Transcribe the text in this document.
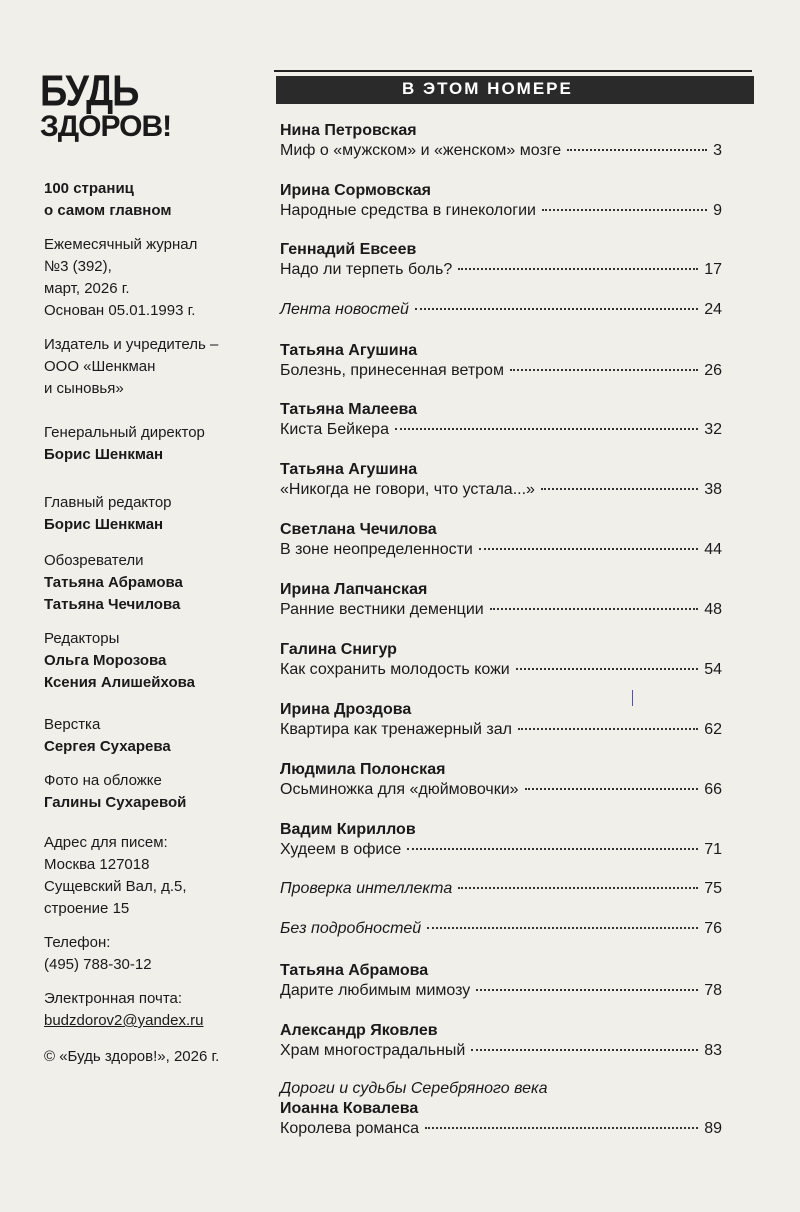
БУДЬ
ЗДОРОВ!
100 страниц
о самом главном
Ежемесячный журнал
№3 (392),
март, 2026 г.
Основан 05.01.1993 г.
Издатель и учредитель –
ООО «Шенкман
и сыновья»
Генеральный директор
Борис Шенкман
Главный редактор
Борис Шенкман
Обозреватели
Татьяна Абрамова
Татьяна Чечилова
Редакторы
Ольга Морозова
Ксения Алишейхова
Верстка
Сергея Сухарева
Фото на обложке
Галины Сухаревой
Адрес для писем:
Москва 127018
Сущевский Вал, д.5,
строение 15
Телефон:
(495) 788-30-12
Электронная почта:
budzdorov2@yandex.ru
© «Будь здоров!», 2026 г.
В ЭТОМ НОМЕРЕ
Нина Петровская
Миф о «мужском» и «женском» мозге	3
Ирина Сормовская
Народные средства в гинекологии	9
Геннадий Евсеев
Надо ли терпеть боль?	17
Лента новостей	24
Татьяна Агушина
Болезнь, принесенная ветром	26
Татьяна Малеева
Киста Бейкера	32
Татьяна Агушина
«Никогда не говори, что устала...»	38
Светлана Чечилова
В зоне неопределенности	44
Ирина Лапчанская
Ранние вестники деменции	48
Галина Снигур
Как сохранить молодость кожи	54
Ирина Дроздова
Квартира как тренажерный зал	62
Людмила Полонская
Осьминожка для «дюймовочки»	66
Вадим Кириллов
Худеем в офисе	71
Проверка интеллекта	75
Без подробностей	76
Татьяна Абрамова
Дарите любимым мимозу	78
Александр Яковлев
Храм многострадальный	83
Дороги и судьбы Серебряного века
Иоанна Ковалева
Королева романса	89
